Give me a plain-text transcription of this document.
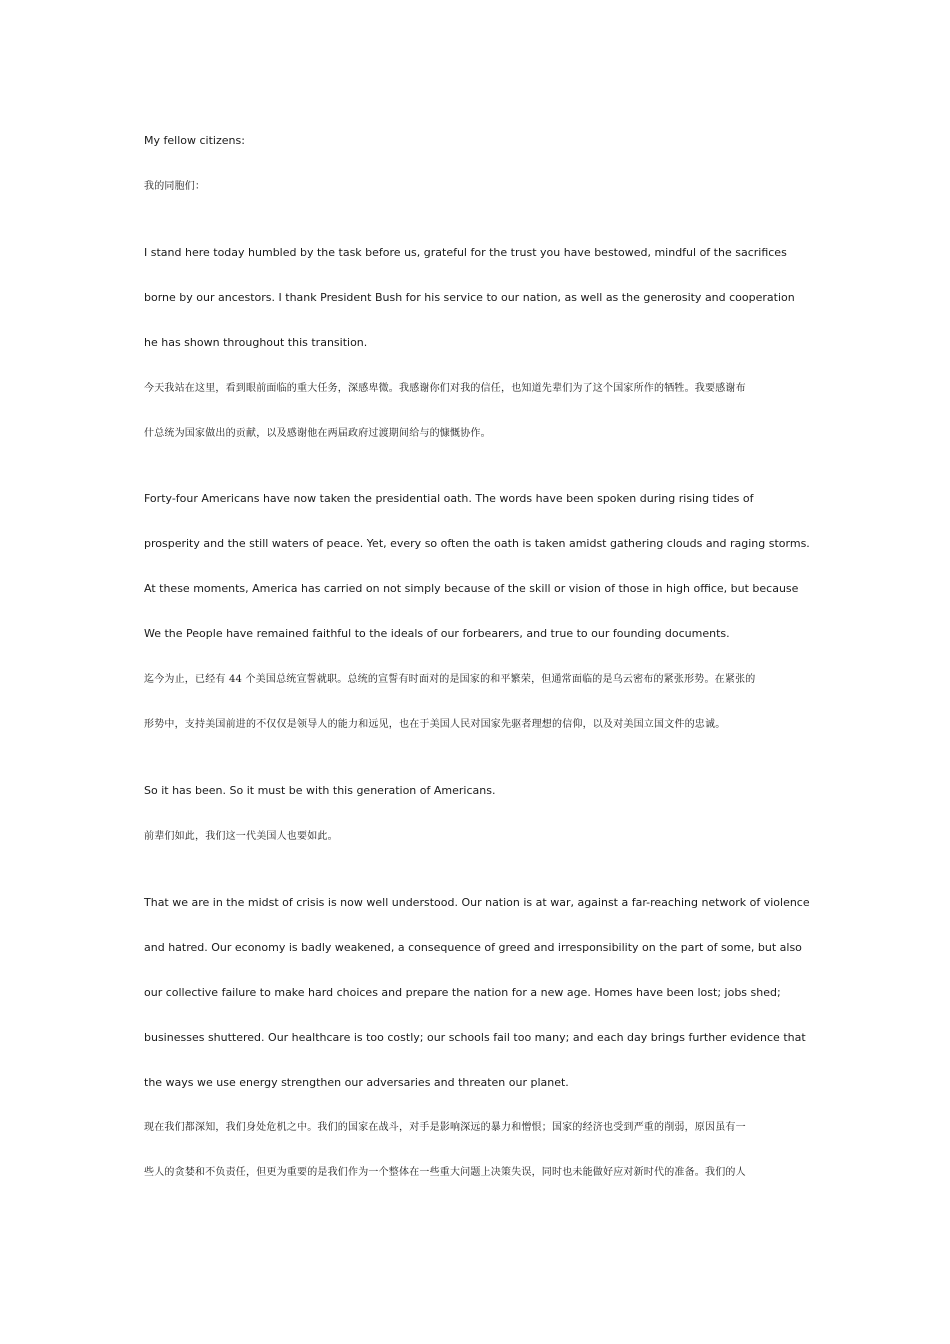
My fellow citizens:
我的同胞们：
I stand here today humbled by the task before us, grateful for the trust you have bestowed, mindful of the sacrifices
borne by our ancestors. I thank President Bush for his service to our nation, as well as the generosity and cooperation
he has shown throughout this transition.
今天我站在这里，看到眼前面临的重大任务，深感卑微。我感谢你们对我的信任，也知道先辈们为了这个国家所作的牺牲。我要感谢布
什总统为国家做出的贡献，以及感谢他在两届政府过渡期间给与的慷慨协作。
Forty-four Americans have now taken the presidential oath. The words have been spoken during rising tides of
prosperity and the still waters of peace. Yet, every so often the oath is taken amidst gathering clouds and raging storms.
At these moments, America has carried on not simply because of the skill or vision of those in high office, but because
We the People have remained faithful to the ideals of our forbearers, and true to our founding documents.
迄今为止，已经有 44 个美国总统宣誓就职。总统的宣誓有时面对的是国家的和平繁荣，但通常面临的是乌云密布的紧张形势。在紧张的
形势中，支持美国前进的不仅仅是领导人的能力和远见，也在于美国人民对国家先驱者理想的信仰，以及对美国立国文件的忠诚。
So it has been. So it must be with this generation of Americans.
前辈们如此，我们这一代美国人也要如此。
That we are in the midst of crisis is now well understood. Our nation is at war, against a far-reaching network of violence
and hatred. Our economy is badly weakened, a consequence of greed and irresponsibility on the part of some, but also
our collective failure to make hard choices and prepare the nation for a new age. Homes have been lost; jobs shed;
businesses shuttered. Our healthcare is too costly; our schools fail too many; and each day brings further evidence that
the ways we use energy strengthen our adversaries and threaten our planet.
现在我们都深知，我们身处危机之中。我们的国家在战斗，对手是影响深远的暴力和憎恨；国家的经济也受到严重的削弱，原因虽有一
些人的贪婪和不负责任，但更为重要的是我们作为一个整体在一些重大问题上决策失误，同时也未能做好应对新时代的准备。我们的人
